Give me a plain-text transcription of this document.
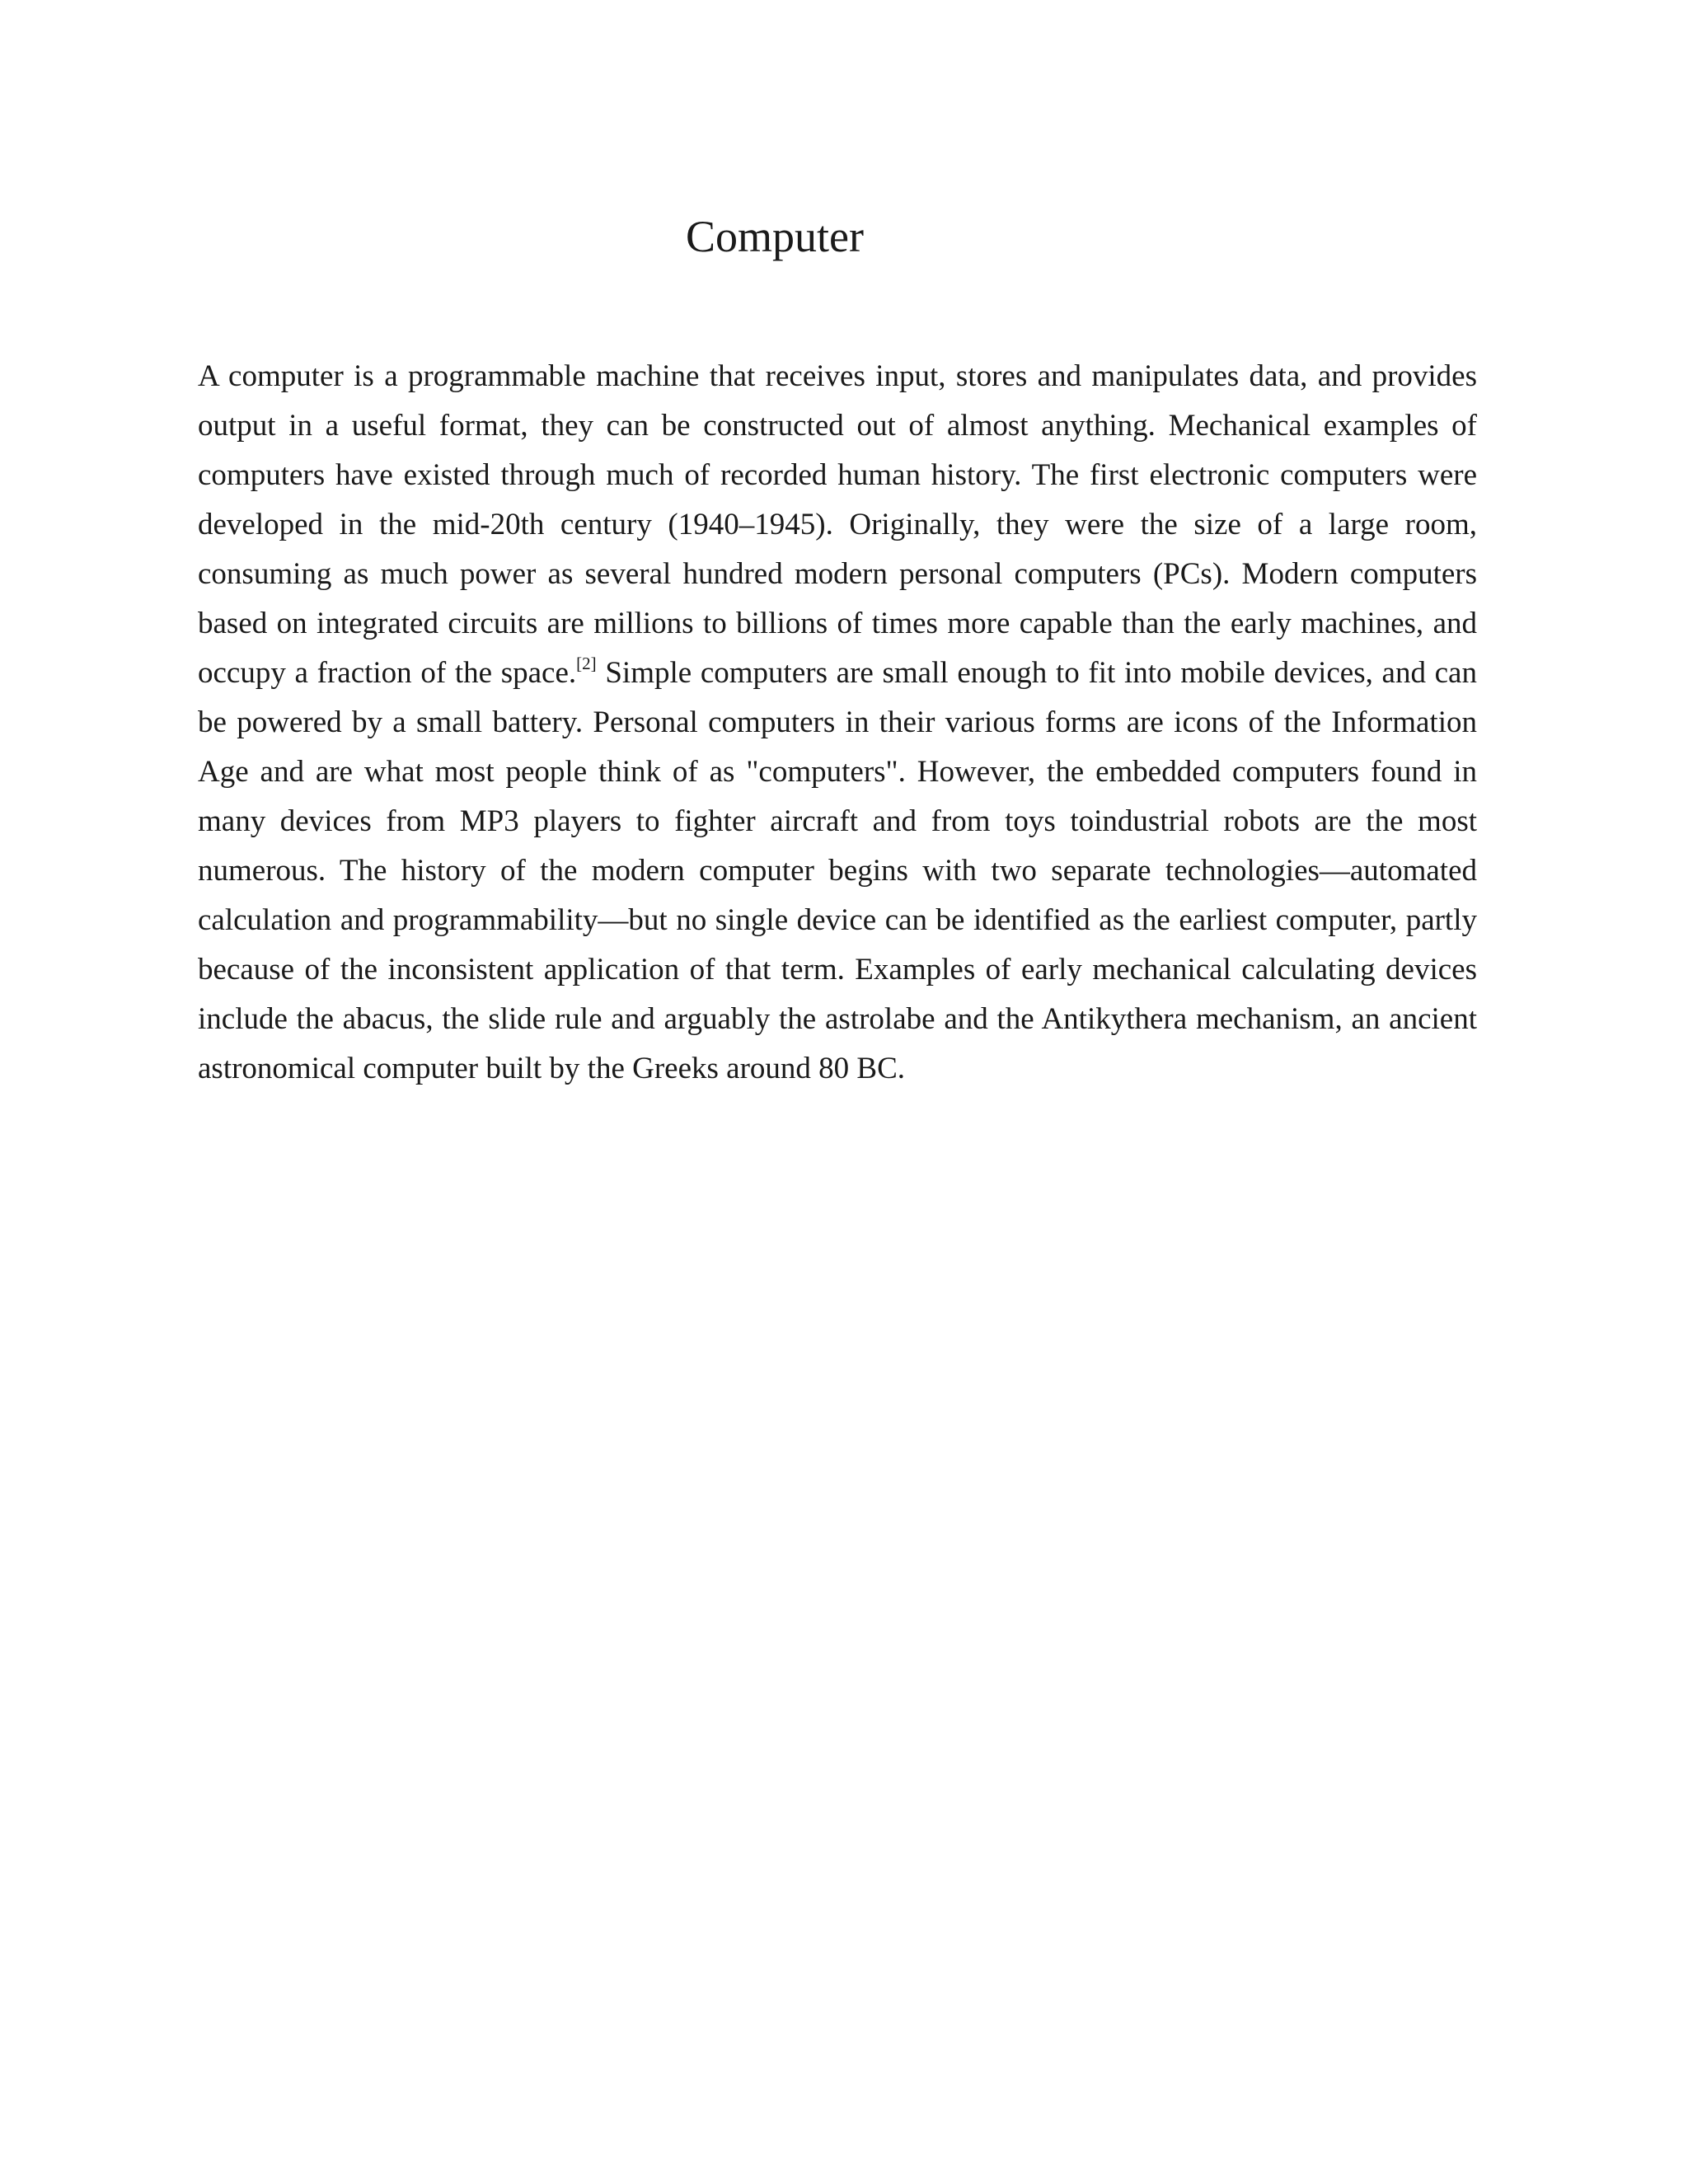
Computer

A computer is a programmable machine that receives input, stores and manipulates data, and provides output in a useful format, they can be constructed out of almost anything. Mechanical examples of computers have existed through much of recorded human history. The first electronic computers were developed in the mid-20th century (1940–1945). Originally, they were the size of a large room, consuming as much power as several hundred modern personal computers (PCs). Modern computers based on integrated circuits are millions to billions of times more capable than the early machines, and occupy a fraction of the space.[2] Simple computers are small enough to fit into mobile devices, and can be powered by a small battery. Personal computers in their various forms are icons of the Information Age and are what most people think of as "computers". However, the embedded computers found in many devices from MP3 players to fighter aircraft and from toys toindustrial robots are the most numerous. The history of the modern computer begins with two separate technologies—automated calculation and programmability—but no single device can be identified as the earliest computer, partly because of the inconsistent application of that term. Examples of early mechanical calculating devices include the abacus, the slide rule and arguably the astrolabe and the Antikythera mechanism, an ancient astronomical computer built by the Greeks around 80 BC.
